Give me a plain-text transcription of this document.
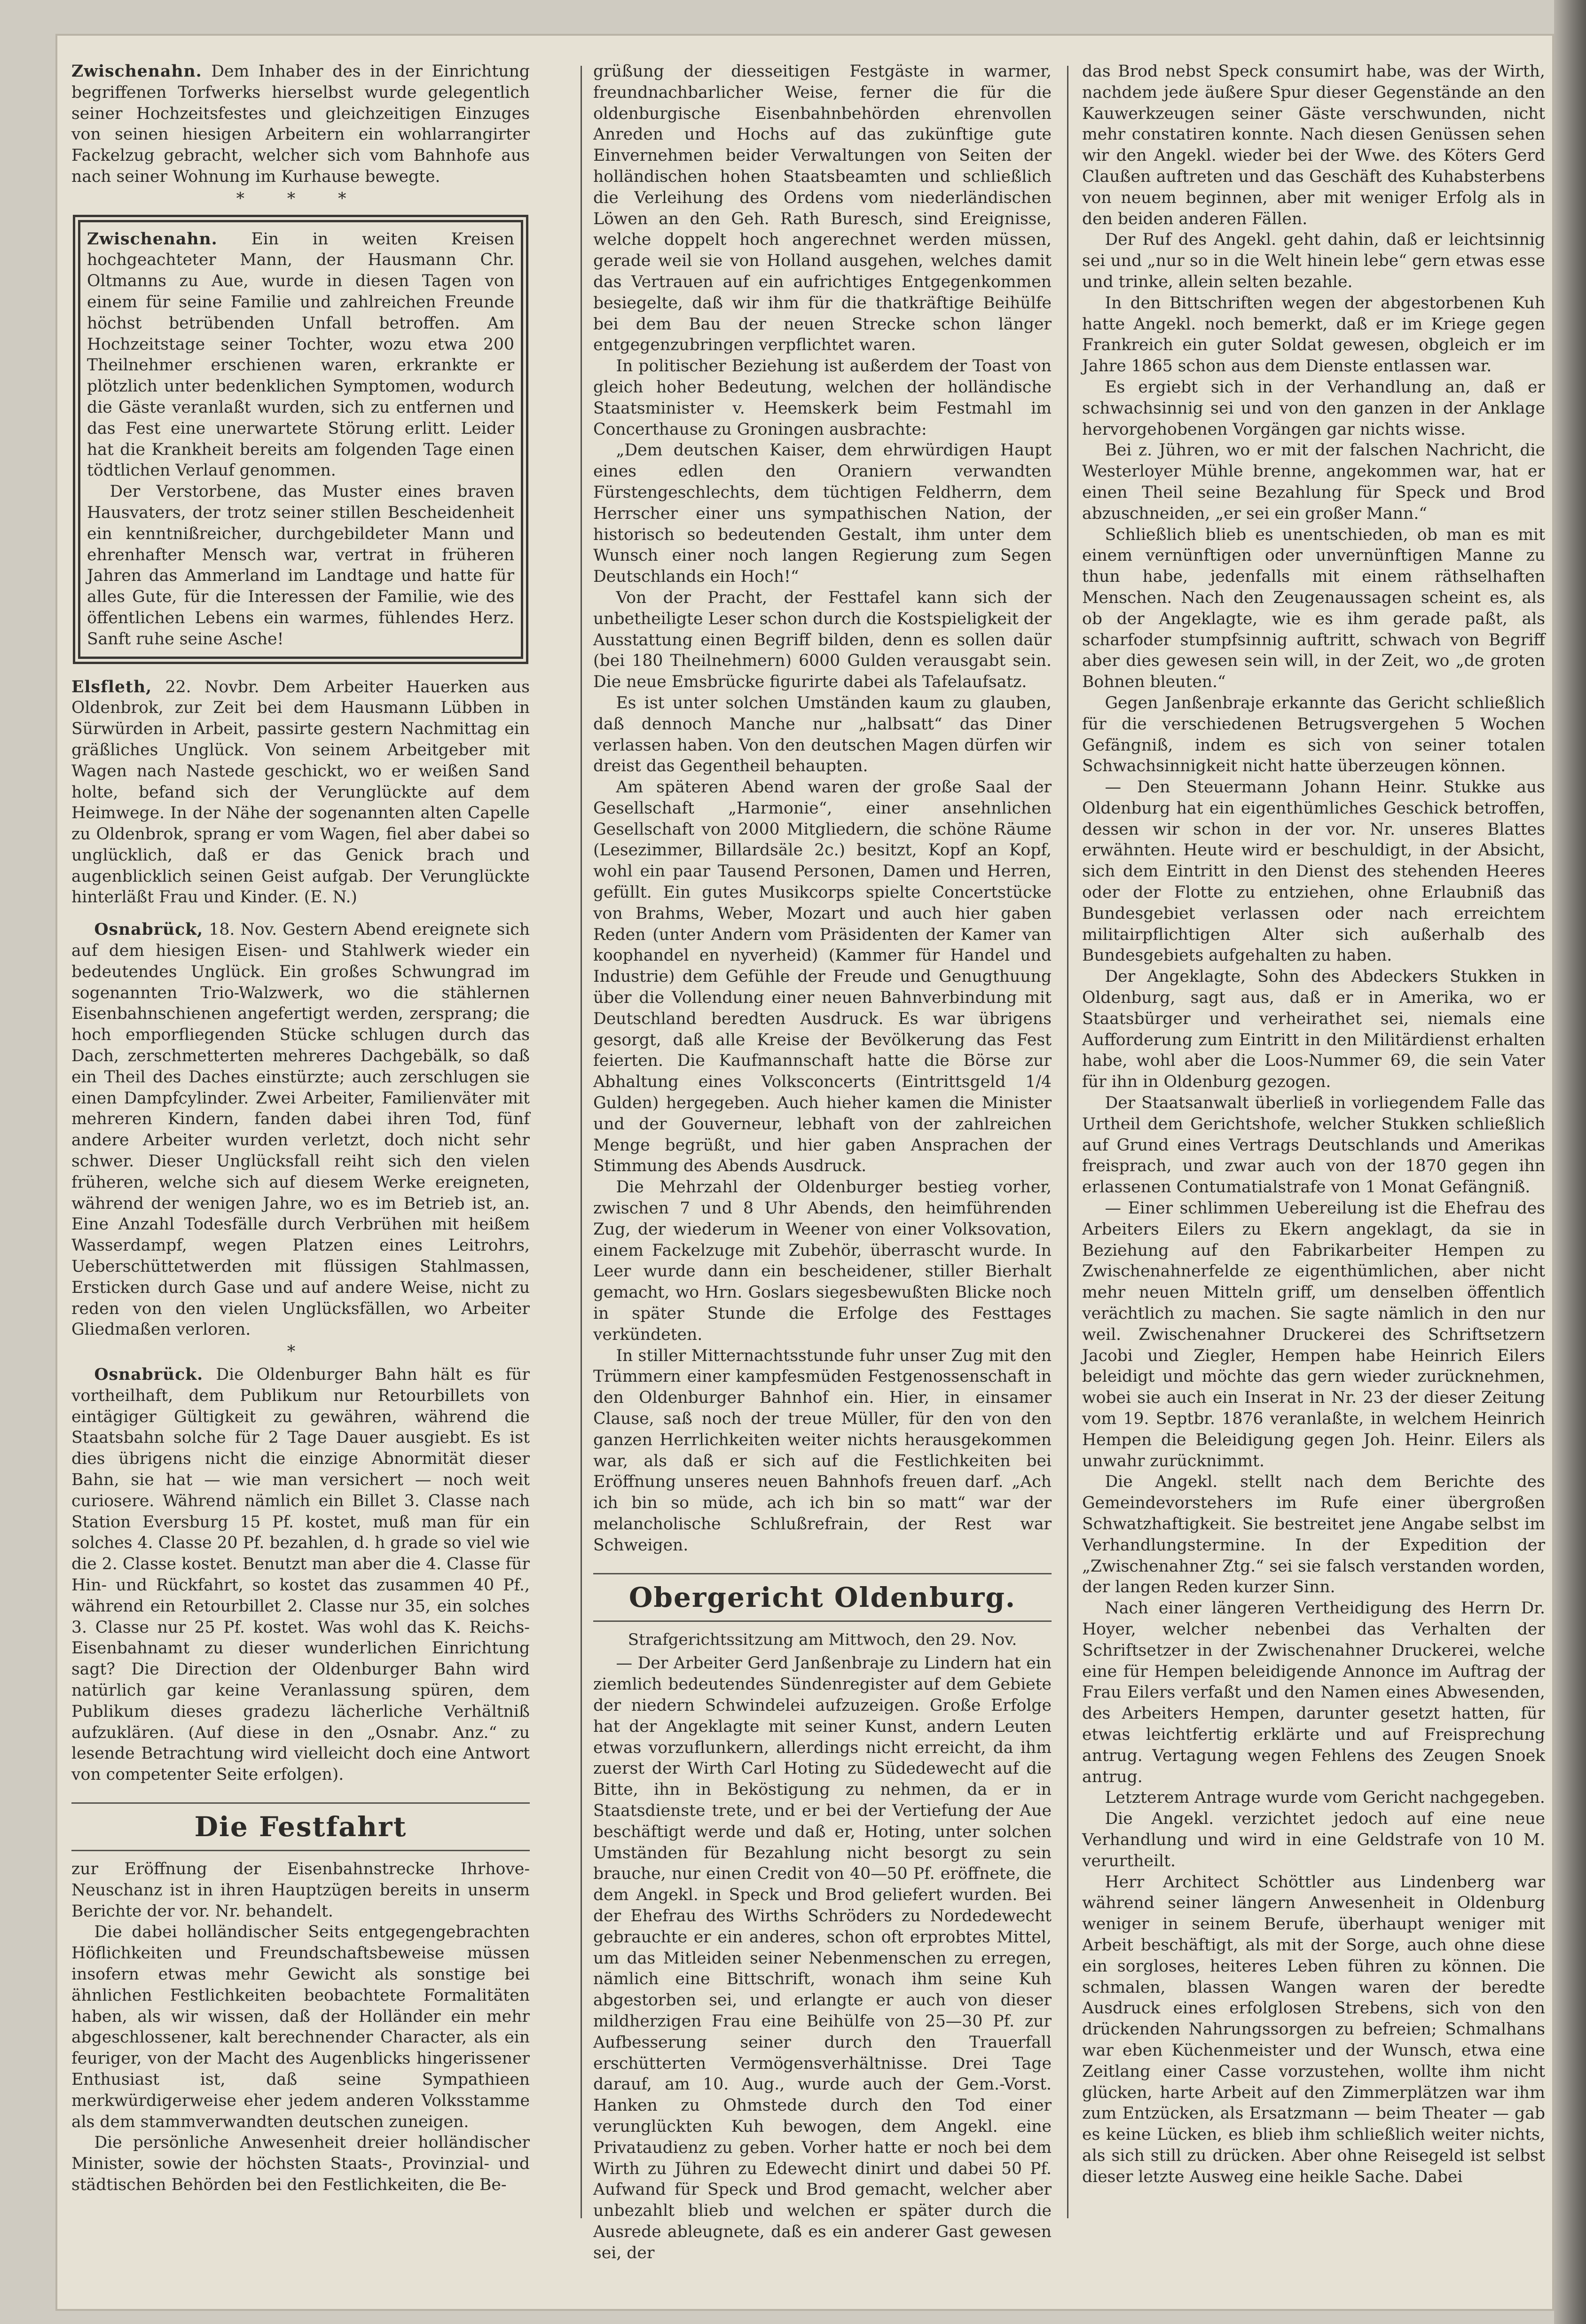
Zwischenahn. Dem Inhaber des in der Einrichtung begriffenen Torfwerks hierselbst wurde gelegentlich seiner Hochzeitsfestes und gleichzeitigen Einzuges von seinen hiesigen Arbeitern ein wohlarrangirter Fackelzug gebracht, welcher sich vom Bahnhofe aus nach seiner Wohnung im Kurhause bewegte.

* * *

Zwischenahn. Ein in weiten Kreisen hochgeachteter Mann, der Hausmann Chr. Oltmanns zu Aue, wurde in diesen Tagen von einem für seine Familie und zahlreichen Freunde höchst betrübenden Unfall betroffen. Am Hochzeitstage seiner Tochter, wozu etwa 200 Theilnehmer erschienen waren, erkrankte er plötzlich unter bedenklichen Symptomen, wodurch die Gäste veranlaßt wurden, sich zu entfernen und das Fest eine unerwartete Störung erlitt. Leider hat die Krankheit bereits am folgenden Tage einen tödtlichen Verlauf genommen.

Der Verstorbene, das Muster eines braven Hausvaters, der trotz seiner stillen Bescheidenheit ein kenntnißreicher, durchgebildeter Mann und ehrenhafter Mensch war, vertrat in früheren Jahren das Ammerland im Landtage und hatte für alles Gute, für die Interessen der Familie, wie des öffentlichen Lebens ein warmes, fühlendes Herz. Sanft ruhe seine Asche!

Elsfleth, 22. Novbr. Dem Arbeiter Hauerken aus Oldenbrok, zur Zeit bei dem Hausmann Lübben in Sürwürden in Arbeit, passirte gestern Nachmittag ein gräßliches Unglück. Von seinem Arbeitgeber mit Wagen nach Nastede geschickt, wo er weißen Sand holte, befand sich der Verunglückte auf dem Heimwege. In der Nähe der sogenannten alten Capelle zu Oldenbrok, sprang er vom Wagen, fiel aber dabei so unglücklich, daß er das Genick brach und augenblicklich seinen Geist aufgab. Der Verunglückte hinterläßt Frau und Kinder. (E. N.)

Osnabrück, 18. Nov. Gestern Abend ereignete sich auf dem hiesigen Eisen- und Stahlwerk wieder ein bedeutendes Unglück. Ein großes Schwungrad im sogenannten Trio-Walzwerk, wo die stählernen Eisenbahnschienen angefertigt werden, zersprang; die hoch emporfliegenden Stücke schlugen durch das Dach, zerschmetterten mehreres Dachgebälk, so daß ein Theil des Daches einstürzte; auch zerschlugen sie einen Dampfcylinder. Zwei Arbeiter, Familienväter mit mehreren Kindern, fanden dabei ihren Tod, fünf andere Arbeiter wurden verletzt, doch nicht sehr schwer. Dieser Unglücksfall reiht sich den vielen früheren, welche sich auf diesem Werke ereigneten, während der wenigen Jahre, wo es im Betrieb ist, an. Eine Anzahl Todesfälle durch Verbrühen mit heißem Wasserdampf, wegen Platzen eines Leitrohrs, Ueberschüttetwerden mit flüssigen Stahlmassen, Ersticken durch Gase und auf andere Weise, nicht zu reden von den vielen Unglücksfällen, wo Arbeiter Gliedmaßen verloren.

*

Osnabrück. Die Oldenburger Bahn hält es für vortheilhaft, dem Publikum nur Retourbillets von eintägiger Gültigkeit zu gewähren, während die Staatsbahn solche für 2 Tage Dauer ausgiebt. Es ist dies übrigens nicht die einzige Abnormität dieser Bahn, sie hat — wie man versichert — noch weit curiosere. Während nämlich ein Billet 3. Classe nach Station Eversburg 15 Pf. kostet, muß man für ein solches 4. Classe 20 Pf. bezahlen, d. h grade so viel wie die 2. Classe kostet. Benutzt man aber die 4. Classe für Hin- und Rückfahrt, so kostet das zusammen 40 Pf., während ein Retourbillet 2. Classe nur 35, ein solches 3. Classe nur 25 Pf. kostet. Was wohl das K. Reichs-Eisenbahnamt zu dieser wunderlichen Einrichtung sagt? Die Direction der Oldenburger Bahn wird natürlich gar keine Veranlassung spüren, dem Publikum dieses gradezu lächerliche Verhältniß aufzuklären. (Auf diese in den „Osnabr. Anz.“ zu lesende Betrachtung wird vielleicht doch eine Antwort von competenter Seite erfolgen).

Die Festfahrt

zur Eröffnung der Eisenbahnstrecke Ihrhove-Neuschanz ist in ihren Hauptzügen bereits in unserm Berichte der vor. Nr. behandelt.

Die dabei holländischer Seits entgegengebrachten Höflichkeiten und Freundschaftsbeweise müssen insofern etwas mehr Gewicht als sonstige bei ähnlichen Festlichkeiten beobachtete Formalitäten haben, als wir wissen, daß der Holländer ein mehr abgeschlossener, kalt berechnender Character, als ein feuriger, von der Macht des Augenblicks hingerissener Enthusiast ist, daß seine Sympathieen merkwürdigerweise eher jedem anderen Volksstamme als dem stammverwandten deutschen zuneigen.

Die persönliche Anwesenheit dreier holländischer Minister, sowie der höchsten Staats-, Provinzial- und städtischen Behörden bei den Festlichkeiten, die Be-

grüßung der diesseitigen Festgäste in warmer, freundnachbarlicher Weise, ferner die für die oldenburgische Eisenbahnbehörden ehrenvollen Anreden und Hochs auf das zukünftige gute Einvernehmen beider Verwaltungen von Seiten der holländischen hohen Staatsbeamten und schließlich die Verleihung des Ordens vom niederländischen Löwen an den Geh. Rath Buresch, sind Ereignisse, welche doppelt hoch angerechnet werden müssen, gerade weil sie von Holland ausgehen, welches damit das Vertrauen auf ein aufrichtiges Entgegenkommen besiegelte, daß wir ihm für die thatkräftige Beihülfe bei dem Bau der neuen Strecke schon länger entgegenzubringen verpflichtet waren.

In politischer Beziehung ist außerdem der Toast von gleich hoher Bedeutung, welchen der holländische Staatsminister v. Heemskerk beim Festmahl im Concerthause zu Groningen ausbrachte:

„Dem deutschen Kaiser, dem ehrwürdigen Haupt eines edlen den Oraniern verwandten Fürstengeschlechts, dem tüchtigen Feldherrn, dem Herrscher einer uns sympathischen Nation, der historisch so bedeutenden Gestalt, ihm unter dem Wunsch einer noch langen Regierung zum Segen Deutschlands ein Hoch!“

Von der Pracht, der Festtafel kann sich der unbetheiligte Leser schon durch die Kostspieligkeit der Ausstattung einen Begriff bilden, denn es sollen daür (bei 180 Theilnehmern) 6000 Gulden verausgabt sein. Die neue Emsbrücke figurirte dabei als Tafelaufsatz.

Es ist unter solchen Umständen kaum zu glauben, daß dennoch Manche nur „halbsatt“ das Diner verlassen haben. Von den deutschen Magen dürfen wir dreist das Gegentheil behaupten.

Am späteren Abend waren der große Saal der Gesellschaft „Harmonie“, einer ansehnlichen Gesellschaft von 2000 Mitgliedern, die schöne Räume (Lesezimmer, Billardsäle 2c.) besitzt, Kopf an Kopf, wohl ein paar Tausend Personen, Damen und Herren, gefüllt. Ein gutes Musikcorps spielte Concertstücke von Brahms, Weber, Mozart und auch hier gaben Reden (unter Andern vom Präsidenten der Kamer van koophandel en nyverheid) (Kammer für Handel und Industrie) dem Gefühle der Freude und Genugthuung über die Vollendung einer neuen Bahnverbindung mit Deutschland beredten Ausdruck. Es war übrigens gesorgt, daß alle Kreise der Bevölkerung das Fest feierten. Die Kaufmannschaft hatte die Börse zur Abhaltung eines Volksconcerts (Eintrittsgeld 1/4 Gulden) hergegeben. Auch hieher kamen die Minister und der Gouverneur, lebhaft von der zahlreichen Menge begrüßt, und hier gaben Ansprachen der Stimmung des Abends Ausdruck.

Die Mehrzahl der Oldenburger bestieg vorher, zwischen 7 und 8 Uhr Abends, den heimführenden Zug, der wiederum in Weener von einer Volksovation, einem Fackelzuge mit Zubehör, überrascht wurde. In Leer wurde dann ein bescheidener, stiller Bierhalt gemacht, wo Hrn. Goslars siegesbewußten Blicke noch in später Stunde die Erfolge des Festtages verkündeten.

In stiller Mitternachtsstunde fuhr unser Zug mit den Trümmern einer kampfesmüden Festgenossenschaft in den Oldenburger Bahnhof ein. Hier, in einsamer Clause, saß noch der treue Müller, für den von den ganzen Herrlichkeiten weiter nichts herausgekommen war, als daß er sich auf die Festlichkeiten bei Eröffnung unseres neuen Bahnhofs freuen darf. „Ach ich bin so müde, ach ich bin so matt“ war der melancholische Schlußrefrain, der Rest war Schweigen.

Obergericht Oldenburg.
Strafgerichtssitzung am Mittwoch, den 29. Nov.

— Der Arbeiter Gerd Janßenbraje zu Lindern hat ein ziemlich bedeutendes Sündenregister auf dem Gebiete der niedern Schwindelei aufzuzeigen. Große Erfolge hat der Angeklagte mit seiner Kunst, andern Leuten etwas vorzuflunkern, allerdings nicht erreicht, da ihm zuerst der Wirth Carl Hoting zu Südedewecht auf die Bitte, ihn in Beköstigung zu nehmen, da er in Staatsdienste trete, und er bei der Vertiefung der Aue beschäftigt werde und daß er, Hoting, unter solchen Umständen für Bezahlung nicht besorgt zu sein brauche, nur einen Credit von 40—50 Pf. eröffnete, die dem Angekl. in Speck und Brod geliefert wurden. Bei der Ehefrau des Wirths Schröders zu Nordedewecht gebrauchte er ein anderes, schon oft erprobtes Mittel, um das Mitleiden seiner Nebenmenschen zu erregen, nämlich eine Bittschrift, wonach ihm seine Kuh abgestorben sei, und erlangte er auch von dieser mildherzigen Frau eine Beihülfe von 25—30 Pf. zur Aufbesserung seiner durch den Trauerfall erschütterten Vermögensverhältnisse. Drei Tage darauf, am 10. Aug., wurde auch der Gem.-Vorst. Hanken zu Ohmstede durch den Tod einer verunglückten Kuh bewogen, dem Angekl. eine Privataudienz zu geben. Vorher hatte er noch bei dem Wirth zu Jühren zu Edewecht dinirt und dabei 50 Pf. Aufwand für Speck und Brod gemacht, welcher aber unbezahlt blieb und welchen er später durch die Ausrede ableugnete, daß es ein anderer Gast gewesen sei, der

das Brod nebst Speck consumirt habe, was der Wirth, nachdem jede äußere Spur dieser Gegenstände an den Kauwerkzeugen seiner Gäste verschwunden, nicht mehr constatiren konnte. Nach diesen Genüssen sehen wir den Angekl. wieder bei der Wwe. des Köters Gerd Claußen auftreten und das Geschäft des Kuhabsterbens von neuem beginnen, aber mit weniger Erfolg als in den beiden anderen Fällen.

Der Ruf des Angekl. geht dahin, daß er leichtsinnig sei und „nur so in die Welt hinein lebe“ gern etwas esse und trinke, allein selten bezahle.

In den Bittschriften wegen der abgestorbenen Kuh hatte Angekl. noch bemerkt, daß er im Kriege gegen Frankreich ein guter Soldat gewesen, obgleich er im Jahre 1865 schon aus dem Dienste entlassen war.

Es ergiebt sich in der Verhandlung an, daß er schwachsinnig sei und von den ganzen in der Anklage hervorgehobenen Vorgängen gar nichts wisse.

Bei z. Jühren, wo er mit der falschen Nachricht, die Westerloyer Mühle brenne, angekommen war, hat er einen Theil seine Bezahlung für Speck und Brod abzuschneiden, „er sei ein großer Mann.“

Schließlich blieb es unentschieden, ob man es mit einem vernünftigen oder unvernünftigen Manne zu thun habe, jedenfalls mit einem räthselhaften Menschen. Nach den Zeugenaussagen scheint es, als ob der Angeklagte, wie es ihm gerade paßt, als scharfoder stumpfsinnig auftritt, schwach von Begriff aber dies gewesen sein will, in der Zeit, wo „de groten Bohnen bleuten.“

Gegen Janßenbraje erkannte das Gericht schließlich für die verschiedenen Betrugsvergehen 5 Wochen Gefängniß, indem es sich von seiner totalen Schwachsinnigkeit nicht hatte überzeugen können.

— Den Steuermann Johann Heinr. Stukke aus Oldenburg hat ein eigenthümliches Geschick betroffen, dessen wir schon in der vor. Nr. unseres Blattes erwähnten. Heute wird er beschuldigt, in der Absicht, sich dem Eintritt in den Dienst des stehenden Heeres oder der Flotte zu entziehen, ohne Erlaubniß das Bundesgebiet verlassen oder nach erreichtem militairpflichtigen Alter sich außerhalb des Bundesgebiets aufgehalten zu haben.

Der Angeklagte, Sohn des Abdeckers Stukken in Oldenburg, sagt aus, daß er in Amerika, wo er Staatsbürger und verheirathet sei, niemals eine Aufforderung zum Eintritt in den Militärdienst erhalten habe, wohl aber die Loos-Nummer 69, die sein Vater für ihn in Oldenburg gezogen.

Der Staatsanwalt überließ in vorliegendem Falle das Urtheil dem Gerichtshofe, welcher Stukken schließlich auf Grund eines Vertrags Deutschlands und Amerikas freisprach, und zwar auch von der 1870 gegen ihn erlassenen Contumatialstrafe von 1 Monat Gefängniß.

— Einer schlimmen Uebereilung ist die Ehefrau des Arbeiters Eilers zu Ekern angeklagt, da sie in Beziehung auf den Fabrikarbeiter Hempen zu Zwischenahnerfelde ze eigenthümlichen, aber nicht mehr neuen Mitteln griff, um denselben öffentlich verächtlich zu machen. Sie sagte nämlich in den nur weil. Zwischenahner Druckerei des Schriftsetzern Jacobi und Ziegler, Hempen habe Heinrich Eilers beleidigt und möchte das gern wieder zurücknehmen, wobei sie auch ein Inserat in Nr. 23 der dieser Zeitung vom 19. Septbr. 1876 veranlaßte, in welchem Heinrich Hempen die Beleidigung gegen Joh. Heinr. Eilers als unwahr zurücknimmt.

Die Angekl. stellt nach dem Berichte des Gemeindevorstehers im Rufe einer übergroßen Schwatzhaftigkeit. Sie bestreitet jene Angabe selbst im Verhandlungstermine. In der Expedition der „Zwischenahner Ztg.“ sei sie falsch verstanden worden, der langen Reden kurzer Sinn.

Nach einer längeren Vertheidigung des Herrn Dr. Hoyer, welcher nebenbei das Verhalten der Schriftsetzer in der Zwischenahner Druckerei, welche eine für Hempen beleidigende Annonce im Auftrag der Frau Eilers verfaßt und den Namen eines Abwesenden, des Arbeiters Hempen, darunter gesetzt hatten, für etwas leichtfertig erklärte und auf Freisprechung antrug. Vertagung wegen Fehlens des Zeugen Snoek antrug.

Letzterem Antrage wurde vom Gericht nachgegeben.

Die Angekl. verzichtet jedoch auf eine neue Verhandlung und wird in eine Geldstrafe von 10 M. verurtheilt.

Herr Architect Schöttler aus Lindenberg war während seiner längern Anwesenheit in Oldenburg weniger in seinem Berufe, überhaupt weniger mit Arbeit beschäftigt, als mit der Sorge, auch ohne diese ein sorgloses, heiteres Leben führen zu können. Die schmalen, blassen Wangen waren der beredte Ausdruck eines erfolglosen Strebens, sich von den drückenden Nahrungssorgen zu befreien; Schmalhans war eben Küchenmeister und der Wunsch, etwa eine Zeitlang einer Casse vorzustehen, wollte ihm nicht glücken, harte Arbeit auf den Zimmerplätzen war ihm zum Entzücken, als Ersatzmann — beim Theater — gab es keine Lücken, es blieb ihm schließlich weiter nichts, als sich still zu drücken. Aber ohne Reisegeld ist selbst dieser letzte Ausweg eine heikle Sache. Dabei
